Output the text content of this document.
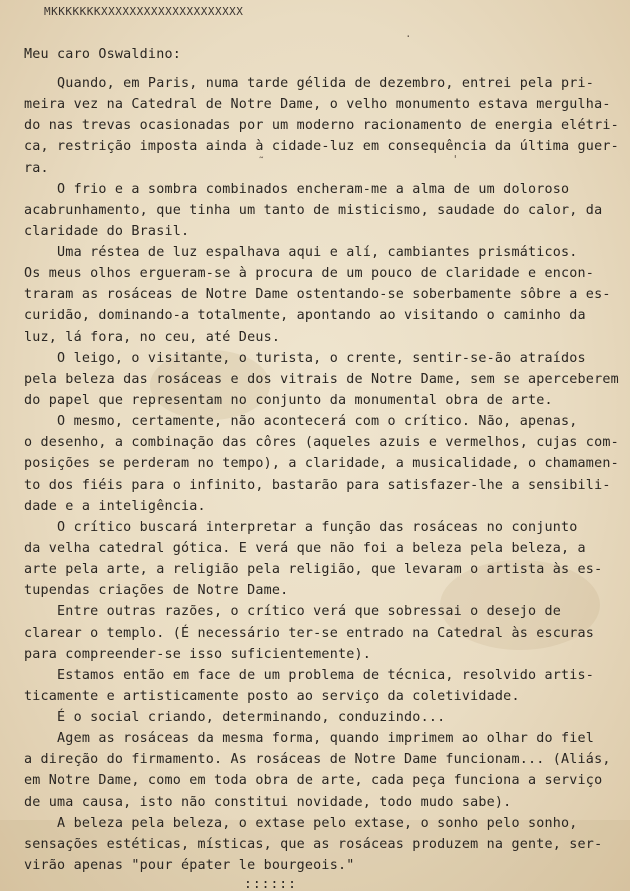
MKKKKKKKXXXXXXXXXXXXXXXXXXXX
·
˜	'
Meu caro Oswaldino:
Quando, em Paris, numa tarde gélida de dezembro, entrei pela pri-
meira vez na Catedral de Notre Dame, o velho monumento estava mergulha-
do nas trevas ocasionadas por um moderno racionamento de energia elétri-
ca, restrição imposta ainda à cidade-luz em consequência da última guer-
ra.
O frio e a sombra combinados encheram-me a alma de um doloroso
acabrunhamento, que tinha um tanto de misticismo, saudade do calor, da
claridade do Brasil.
Uma réstea de luz espalhava aqui e alí, cambiantes prismáticos.
Os meus olhos ergueram-se à procura de um pouco de claridade e encon-
traram as rosáceas de Notre Dame ostentando-se soberbamente sôbre a es-
curidão, dominando-a totalmente, apontando ao visitando o caminho da
luz, lá fora, no ceu, até Deus.
O leigo, o visitante, o turista, o crente, sentir-se-ão atraídos
pela beleza das rosáceas e dos vitrais de Notre Dame, sem se aperceberem
do papel que representam no conjunto da monumental obra de arte.
O mesmo, certamente, não acontecerá com o crítico. Não, apenas,
o desenho, a combinação das côres (aqueles azuis e vermelhos, cujas com-
posições se perderam no tempo), a claridade, a musicalidade, o chamamen-
to dos fiéis para o infinito, bastarão para satisfazer-lhe a sensibili-
dade e a inteligência.
O crítico buscará interpretar a função das rosáceas no conjunto
da velha catedral gótica. E verá que não foi a beleza pela beleza, a
arte pela arte, a religião pela religião, que levaram o artista às es-
tupendas criações de Notre Dame.
Entre outras razões, o crítico verá que sobressai o desejo de
clarear o templo. (É necessário ter-se entrado na Catedral às escuras
para compreender-se isso suficientemente).
Estamos então em face de um problema de técnica, resolvido artis-
ticamente e artisticamente posto ao serviço da coletividade.
É o social criando, determinando, conduzindo...
Agem as rosáceas da mesma forma, quando imprimem ao olhar do fiel
a direção do firmamento. As rosáceas de Notre Dame funcionam... (Aliás,
em Notre Dame, como em toda obra de arte, cada peça funciona a serviço
de uma causa, isto não constitui novidade, todo mudo sabe).
A beleza pela beleza, o extase pelo extase, o sonho pelo sonho,
sensações estéticas, místicas, que as rosáceas produzem na gente, ser-
virão apenas "pour épater le bourgeois."
::::::
